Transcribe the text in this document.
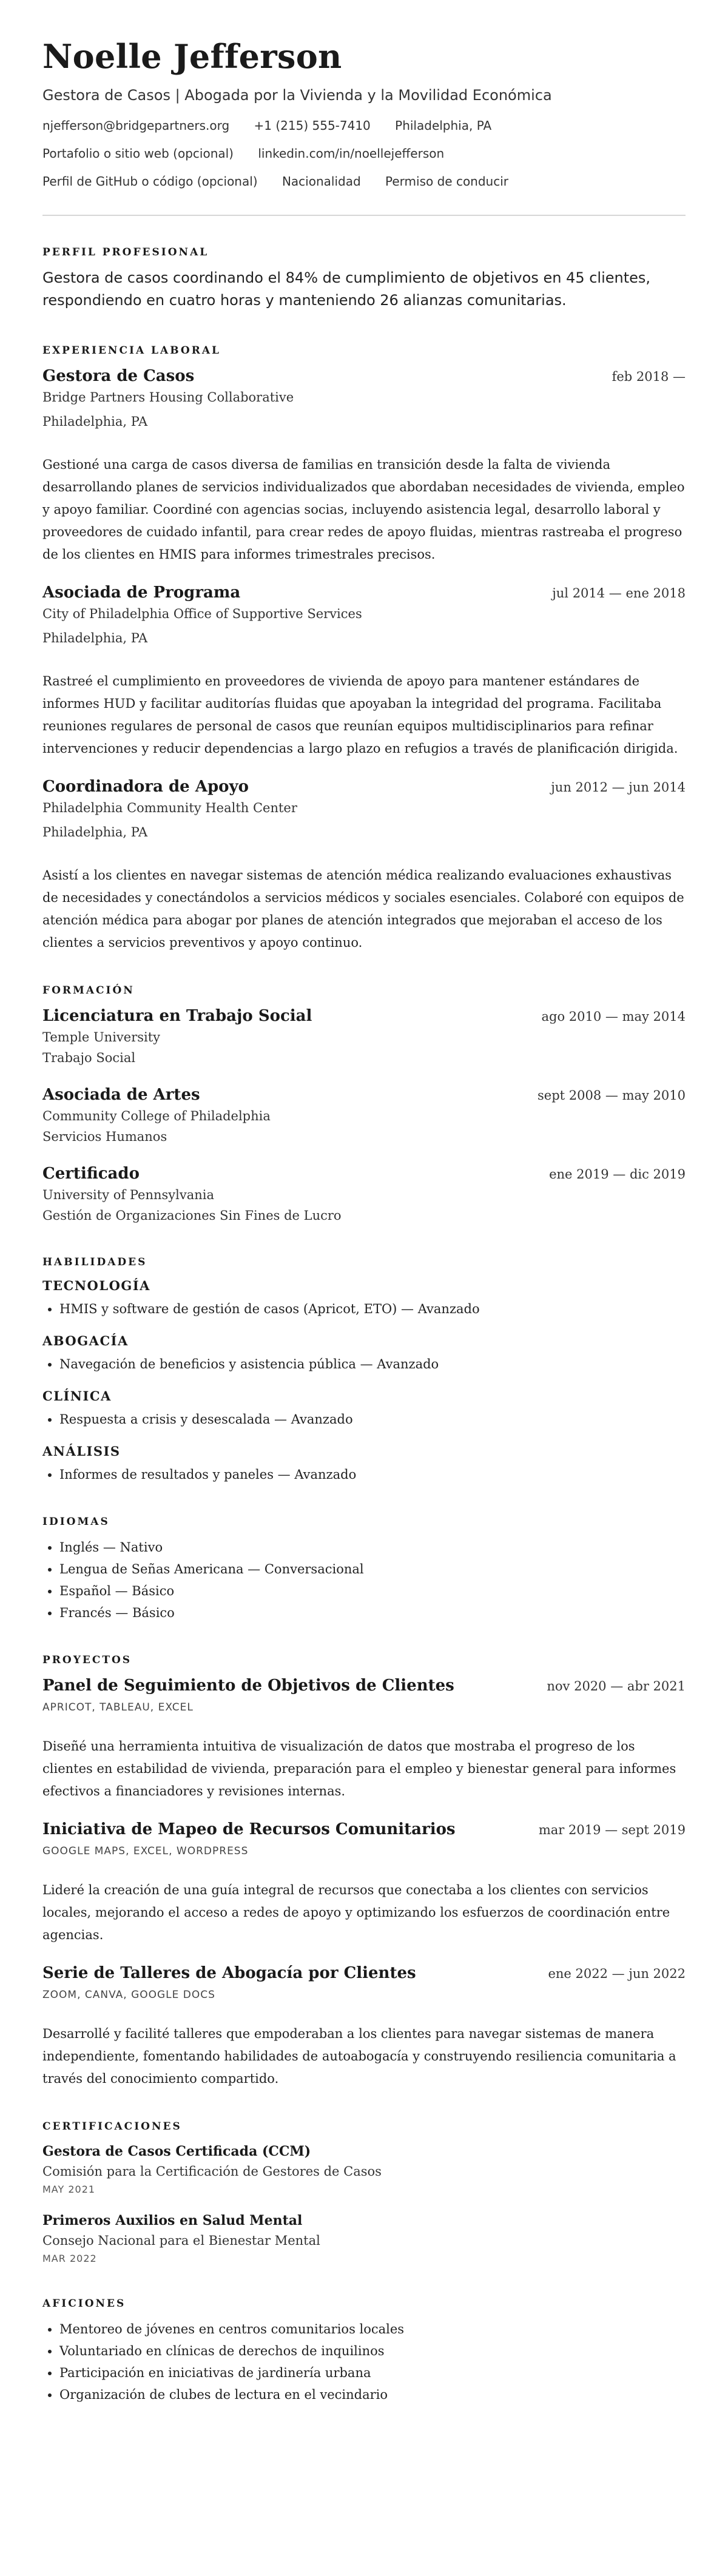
Noelle Jefferson
Gestora de Casos | Abogada por la Vivienda y la Movilidad Económica
njefferson@bridgepartners.org +1 (215) 555-7410 Philadelphia, PA
Portafolio o sitio web (opcional) linkedin.com/in/noellejefferson
Perfil de GitHub o código (opcional) Nacionalidad Permiso de conducir
PERFIL PROFESIONAL

Gestora de casos coordinando el 84% de cumplimiento de objetivos en 45 clientes, respondiendo en cuatro horas y manteniendo 26 alianzas comunitarias.

EXPERIENCIA LABORAL
Gestora de Casos	feb 2018 —
Bridge Partners Housing Collaborative
Philadelphia, PA

Gestioné una carga de casos diversa de familias en transición desde la falta de vivienda desarrollando planes de servicios individualizados que abordaban necesidades de vivienda, empleo y apoyo familiar. Coordiné con agencias socias, incluyendo asistencia legal, desarrollo laboral y proveedores de cuidado infantil, para crear redes de apoyo fluidas, mientras rastreaba el progreso de los clientes en HMIS para informes trimestrales precisos.

Asociada de Programa	jul 2014 — ene 2018
City of Philadelphia Office of Supportive Services
Philadelphia, PA

Rastreé el cumplimiento en proveedores de vivienda de apoyo para mantener estándares de informes HUD y facilitar auditorías fluidas que apoyaban la integridad del programa. Facilitaba reuniones regulares de personal de casos que reunían equipos multidisciplinarios para refinar intervenciones y reducir dependencias a largo plazo en refugios a través de planificación dirigida.

Coordinadora de Apoyo	jun 2012 — jun 2014
Philadelphia Community Health Center
Philadelphia, PA

Asistí a los clientes en navegar sistemas de atención médica realizando evaluaciones exhaustivas de necesidades y conectándolos a servicios médicos y sociales esenciales. Colaboré con equipos de atención médica para abogar por planes de atención integrados que mejoraban el acceso de los clientes a servicios preventivos y apoyo continuo.

FORMACIÓN
Licenciatura en Trabajo Social	ago 2010 — may 2014
Temple University
Trabajo Social
Asociada de Artes	sept 2008 — may 2010
Community College of Philadelphia
Servicios Humanos
Certificado	ene 2019 — dic 2019
University of Pennsylvania
Gestión de Organizaciones Sin Fines de Lucro
HABILIDADES
TECNOLOGÍA
• HMIS y software de gestión de casos (Apricot, ETO) — Avanzado
ABOGACÍA
• Navegación de beneficios y asistencia pública — Avanzado
CLÍNICA
• Respuesta a crisis y desescalada — Avanzado
ANÁLISIS
• Informes de resultados y paneles — Avanzado
IDIOMAS
• Inglés — Nativo
• Lengua de Señas Americana — Conversacional
• Español — Básico
• Francés — Básico
PROYECTOS
Panel de Seguimiento de Objetivos de Clientes	nov 2020 — abr 2021
APRICOT, TABLEAU, EXCEL

Diseñé una herramienta intuitiva de visualización de datos que mostraba el progreso de los clientes en estabilidad de vivienda, preparación para el empleo y bienestar general para informes efectivos a financiadores y revisiones internas.

Iniciativa de Mapeo de Recursos Comunitarios	mar 2019 — sept 2019
GOOGLE MAPS, EXCEL, WORDPRESS

Lideré la creación de una guía integral de recursos que conectaba a los clientes con servicios locales, mejorando el acceso a redes de apoyo y optimizando los esfuerzos de coordinación entre agencias.

Serie de Talleres de Abogacía por Clientes	ene 2022 — jun 2022
ZOOM, CANVA, GOOGLE DOCS

Desarrollé y facilité talleres que empoderaban a los clientes para navegar sistemas de manera independiente, fomentando habilidades de autoabogacía y construyendo resiliencia comunitaria a través del conocimiento compartido.

CERTIFICACIONES
Gestora de Casos Certificada (CCM)
Comisión para la Certificación de Gestores de Casos
MAY 2021
Primeros Auxilios en Salud Mental
Consejo Nacional para el Bienestar Mental
MAR 2022
AFICIONES
• Mentoreo de jóvenes en centros comunitarios locales
• Voluntariado en clínicas de derechos de inquilinos
• Participación en iniciativas de jardinería urbana
• Organización de clubes de lectura en el vecindario
